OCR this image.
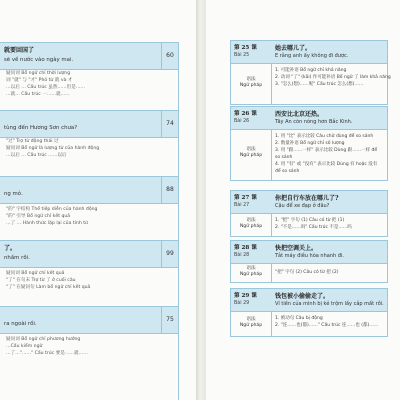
就要回国了
sẽ về nước vào ngày mai.
60
疑问词 Bổ ngữ chỉ thời lượng
词 "就" 与 "才" Phó từ 就 và 才
…以后 … Cấu trúc 虽然……但是……
…就… Cấu trúc 一……就……
tùng đến Hương Sơn chưa?
74
"过" Trợ từ động thái 过
疑问词 Bổ ngữ là lượng từ của hành động
…以后 … Cấu trúc ……以后
ng mỏ.
88
"的" 字结构 Thể tiếp diễn của hành động
"的" 引导 Bổ ngữ chỉ kết quả
…了 … Hành thức lặp lại của tính từ
了。
nhầm rồi.
99
疑问词 Bổ ngữ chỉ kết quả
"了" 在句末 Trợ từ 了 ở cuối câu
"了" 在疑问句 Làm bổ ngữ chỉ kết quả
ra ngoài rồi.
75
疑问词 Bổ ngữ chỉ phương hướng
…Cấu kiểm ngữ
…了…"……" Cấu trúc 要是……就……
第 25 课
Bài 25
她去哪儿了。
E rằng anh ấy không đi được.
语法
Ngữ pháp
1. 可能补语 Bổ ngữ chỉ khả năng
2. 动词 "了" (kāi) 作可能补语 Bổ ngữ 了 làm khả năng
3. "怎么(想)……呢" Cấu trúc 怎么(想)……
第 26 课
Bài 26
西安比北京还热。
Tây An còn nóng hơn Bắc Kinh.
语法
Ngữ pháp
1. 用 "比" 表示比较 Câu chữ dùng để so sánh
2. 数量补语 Bổ ngữ chỉ số lượng
3. 用 "跟……一样" 表示比较 Dùng 跟……一样 để
so sánh
4. 用 "有" 或 "没有" 表示比较 Dùng 有 hoặc 没有
để so sánh
第 27 课
Bài 27
你把自行车放在哪儿了?
Cậu để xe đạp ở đâu?
语法
Ngữ pháp
1. "把" 字句 (1) Câu có từ 把 (1)
2. "不是……吗" Cấu trúc 不是……吗
第 28 课
Bài 28
快把空调关上。
Tắt máy điều hòa nhanh đi.
语法
Ngữ pháp	"把" 字句 (2) Câu có từ 把 (2)
第 29 课
Bài 29
钱包被小偷偷走了。
Ví tiền của mình bị kẻ trộm lấy cắp mất rồi.
语法
Ngữ pháp
1. 被动句 Câu bị động
2. "连……也(都)……" Cấu trúc 连……也 (都)……
